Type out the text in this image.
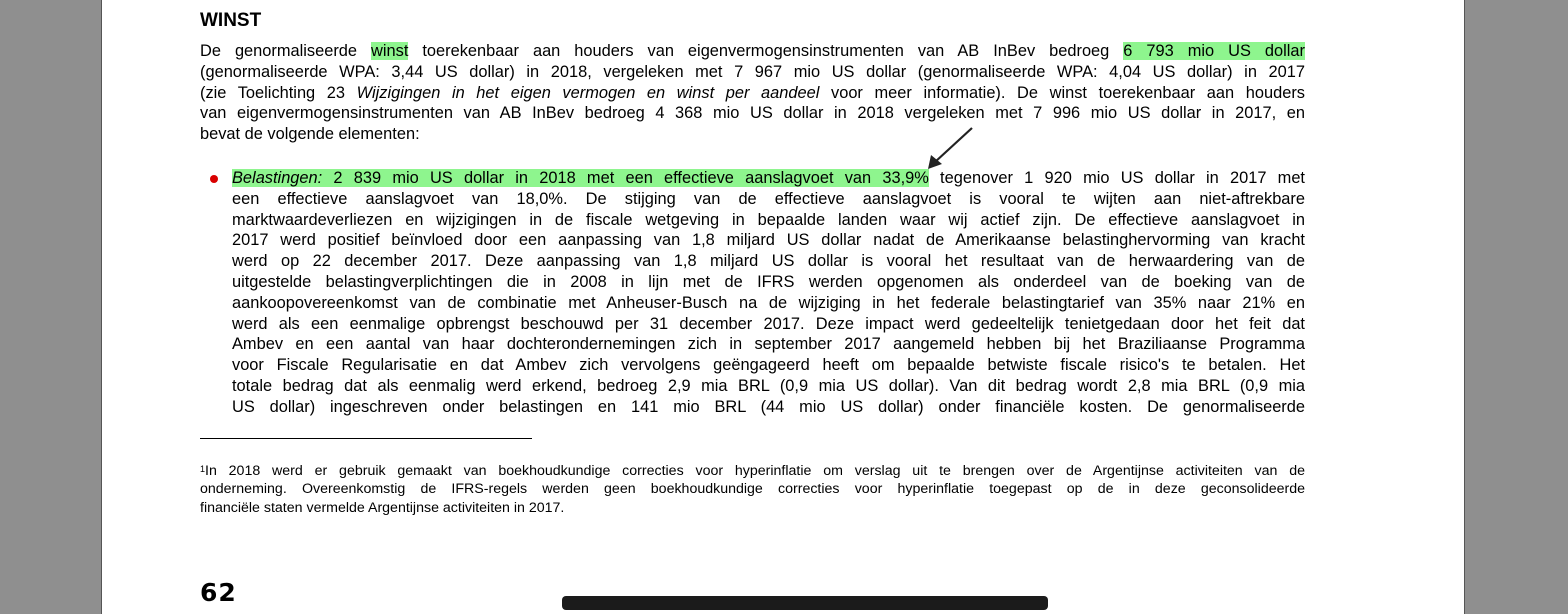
WINST
De genormaliseerde winst toerekenbaar aan houders van eigenvermogensinstrumenten van AB InBev bedroeg 6 793 mio US dollar
(genormaliseerde WPA: 3,44 US dollar) in 2018, vergeleken met 7 967 mio US dollar (genormaliseerde WPA: 4,04 US dollar) in 2017
(zie Toelichting 23 Wijzigingen in het eigen vermogen en winst per aandeel voor meer informatie). De winst toerekenbaar aan houders
van eigenvermogensinstrumenten van AB InBev bedroeg 4 368 mio US dollar in 2018 vergeleken met 7 996 mio US dollar in 2017, en
bevat de volgende elementen:
Belastingen: 2 839 mio US dollar in 2018 met een effectieve aanslagvoet van 33,9% tegenover 1 920 mio US dollar in 2017 met
een effectieve aanslagvoet van 18,0%. De stijging van de effectieve aanslagvoet is vooral te wijten aan niet-aftrekbare
marktwaardeverliezen en wijzigingen in de fiscale wetgeving in bepaalde landen waar wij actief zijn. De effectieve aanslagvoet in
2017 werd positief beïnvloed door een aanpassing van 1,8 miljard US dollar nadat de Amerikaanse belastinghervorming van kracht
werd op 22 december 2017. Deze aanpassing van 1,8 miljard US dollar is vooral het resultaat van de herwaardering van de
uitgestelde belastingverplichtingen die in 2008 in lijn met de IFRS werden opgenomen als onderdeel van de boeking van de
aankoopovereenkomst van de combinatie met Anheuser-Busch na de wijziging in het federale belastingtarief van 35% naar 21% en
werd als een eenmalige opbrengst beschouwd per 31 december 2017. Deze impact werd gedeeltelijk tenietgedaan door het feit dat
Ambev en een aantal van haar dochterondernemingen zich in september 2017 aangemeld hebben bij het Braziliaanse Programma
voor Fiscale Regularisatie en dat Ambev zich vervolgens geëngageerd heeft om bepaalde betwiste fiscale risico's te betalen. Het
totale bedrag dat als eenmalig werd erkend, bedroeg 2,9 mia BRL (0,9 mia US dollar). Van dit bedrag wordt 2,8 mia BRL (0,9 mia
US dollar) ingeschreven onder belastingen en 141 mio BRL (44 mio US dollar) onder financiële kosten. De genormaliseerde
$^1$In 2018 werd er gebruik gemaakt van boekhoudkundige correcties voor hyperinflatie om verslag uit te brengen over de Argentijnse activiteiten van de
onderneming. Overeenkomstig de IFRS-regels werden geen boekhoudkundige correcties voor hyperinflatie toegepast op de in deze geconsolideerde
financiële staten vermelde Argentijnse activiteiten in 2017.
62
